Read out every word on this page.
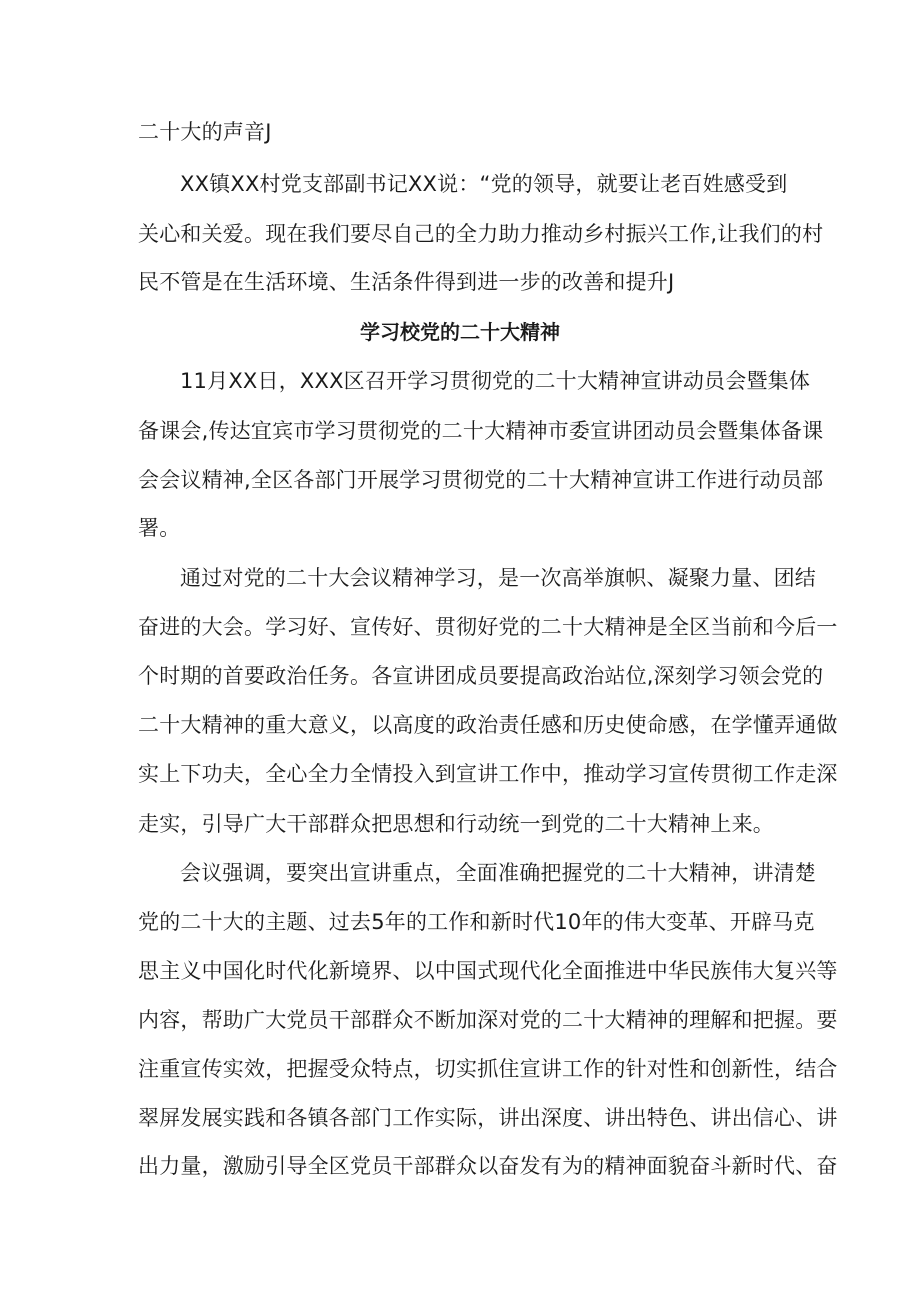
二十大的声音J
XX镇XX村党支部副书记XX说：“党的领导，就要让老百姓感受到
关心和关爱。现在我们要尽自己的全力助力推动乡村振兴工作,让我们的村
民不管是在生活环境、生活条件得到进一步的改善和提升J
学习校党的二十大精神
11月XX日，XXX区召开学习贯彻党的二十大精神宣讲动员会暨集体
备课会,传达宜宾市学习贯彻党的二十大精神市委宣讲团动员会暨集体备课
会会议精神,全区各部门开展学习贯彻党的二十大精神宣讲工作进行动员部
署。
通过对党的二十大会议精神学习，是一次高举旗帜、凝聚力量、团结
奋进的大会。学习好、宣传好、贯彻好党的二十大精神是全区当前和今后一
个时期的首要政治任务。各宣讲团成员要提高政治站位,深刻学习领会党的
二十大精神的重大意义，以高度的政治责任感和历史使命感，在学懂弄通做
实上下功夫，全心全力全情投入到宣讲工作中，推动学习宣传贯彻工作走深
走实，引导广大干部群众把思想和行动统一到党的二十大精神上来。
会议强调，要突出宣讲重点，全面准确把握党的二十大精神，讲清楚
党的二十大的主题、过去5年的工作和新时代10年的伟大变革、开辟马克
思主义中国化时代化新境界、以中国式现代化全面推进中华民族伟大复兴等
内容，帮助广大党员干部群众不断加深对党的二十大精神的理解和把握。要
注重宣传实效，把握受众特点，切实抓住宣讲工作的针对性和创新性，结合
翠屏发展实践和各镇各部门工作实际，讲出深度、讲出特色、讲出信心、讲
出力量，激励引导全区党员干部群众以奋发有为的精神面貌奋斗新时代、奋
